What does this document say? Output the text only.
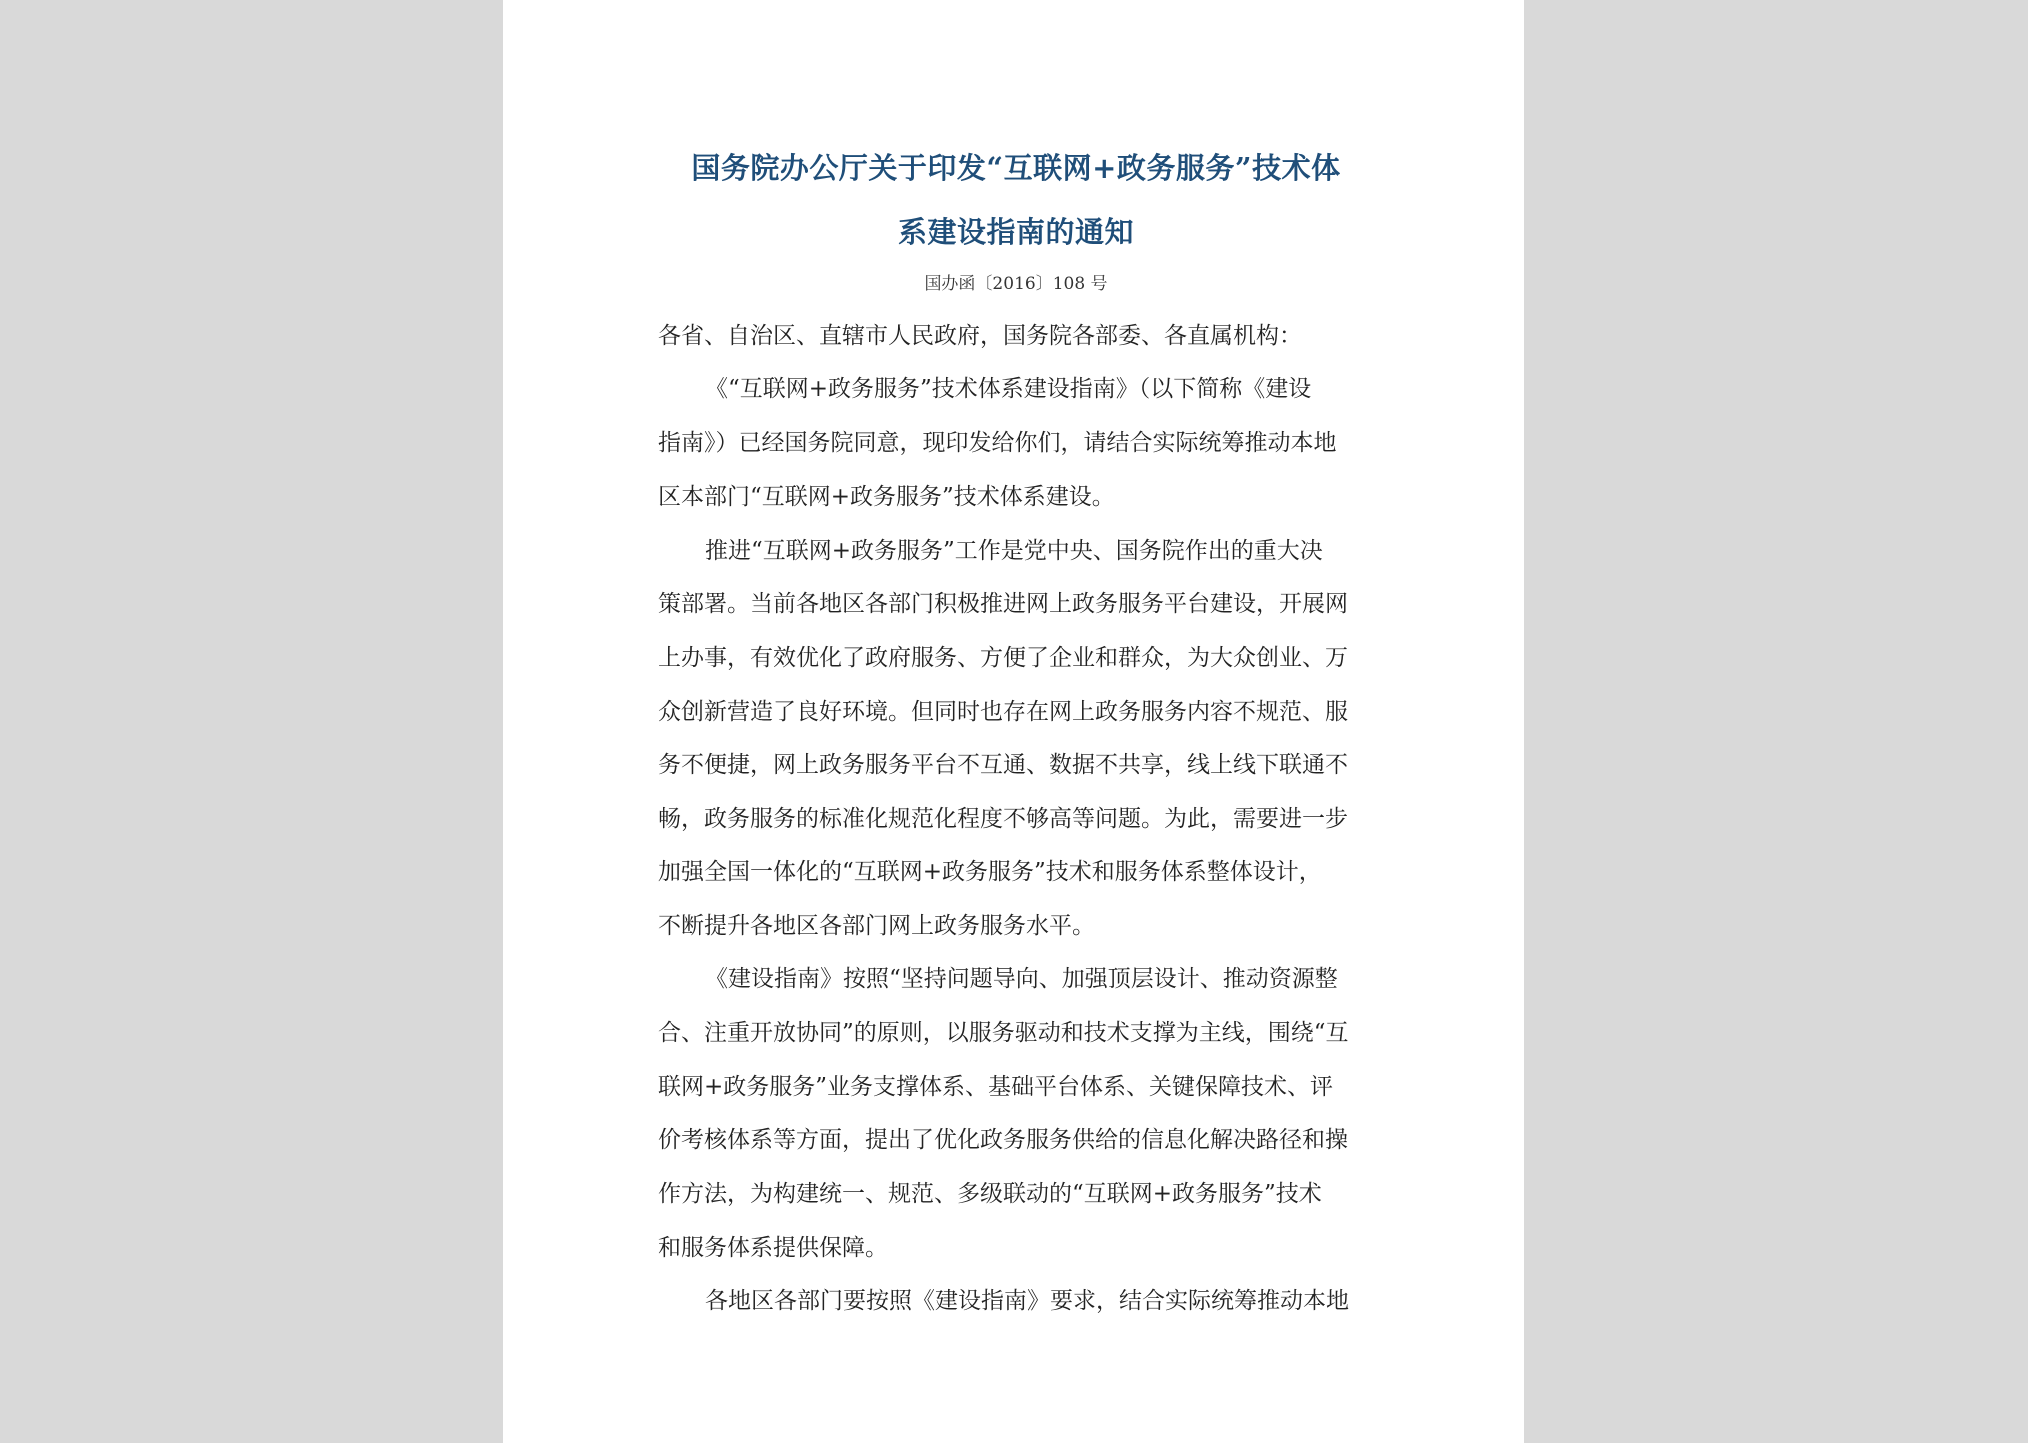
国务院办公厅关于印发“互联网+政务服务”技术体
系建设指南的通知
国办函〔2016〕108 号
各省、自治区、直辖市人民政府，国务院各部委、各直属机构：
《“互联网+政务服务”技术体系建设指南》（以下简称《建设
指南》）已经国务院同意，现印发给你们，请结合实际统筹推动本地
区本部门“互联网+政务服务”技术体系建设。
推进“互联网+政务服务”工作是党中央、国务院作出的重大决
策部署。当前各地区各部门积极推进网上政务服务平台建设，开展网
上办事，有效优化了政府服务、方便了企业和群众，为大众创业、万
众创新营造了良好环境。但同时也存在网上政务服务内容不规范、服
务不便捷，网上政务服务平台不互通、数据不共享，线上线下联通不
畅，政务服务的标准化规范化程度不够高等问题。为此，需要进一步
加强全国一体化的“互联网+政务服务”技术和服务体系整体设计，
不断提升各地区各部门网上政务服务水平。
《建设指南》按照“坚持问题导向、加强顶层设计、推动资源整
合、注重开放协同”的原则，以服务驱动和技术支撑为主线，围绕“互
联网+政务服务”业务支撑体系、基础平台体系、关键保障技术、评
价考核体系等方面，提出了优化政务服务供给的信息化解决路径和操
作方法，为构建统一、规范、多级联动的“互联网+政务服务”技术
和服务体系提供保障。
各地区各部门要按照《建设指南》要求，结合实际统筹推动本地
